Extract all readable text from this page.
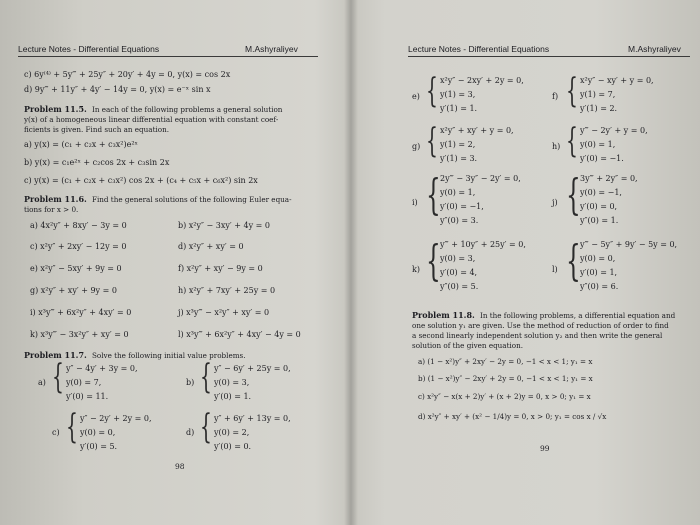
Lecture Notes - Differential Equations	M.Ashyraliyev
c) 6y⁽⁴⁾ + 5y‴ + 25y″ + 20y′ + 4y = 0, y(x) = cos 2x
d) 9y‴ + 11y″ + 4y′ − 14y = 0, y(x) = e⁻ˣ sin x
Problem 11.5. In each of the following problems a general solution
y(x) of a homogeneous linear differential equation with constant coef-
ficients is given. Find such an equation.
a) y(x) = (c₁ + c₂x + c₃x²)e²ˣ
b) y(x) = c₁e²ˣ + c₂cos 2x + c₃sin 2x
c) y(x) = (c₁ + c₂x + c₃x²) cos 2x + (c₄ + c₅x + c₆x²) sin 2x
Problem 11.6. Find the general solutions of the following Euler equa-
tions for x > 0.
a) 4x²y″ + 8xy′ − 3y = 0	b) x²y″ − 3xy′ + 4y = 0
c) x²y″ + 2xy′ − 12y = 0	d) x²y″ + xy′ = 0
e) x²y″ − 5xy′ + 9y = 0	f) x²y″ + xy′ − 9y = 0
g) x²y″ + xy′ + 9y = 0	h) x²y″ + 7xy′ + 25y = 0
i) x³y‴ + 6x²y″ + 4xy′ = 0	j) x³y‴ − x²y″ + xy′ = 0
k) x³y‴ − 3x²y″ + xy′ = 0	l) x³y‴ + 6x²y″ + 4xy′ − 4y = 0
Problem 11.7. Solve the following initial value problems.
a) { y″ − 4y′ + 3y = 0,
y(0) = 7,
y′(0) = 11.
b) { y″ − 6y′ + 25y = 0,
y(0) = 3,
y′(0) = 1.
c) { y″ − 2y′ + 2y = 0,
y(0) = 0,
y′(0) = 5.
d) { y″ + 6y′ + 13y = 0,
y(0) = 2,
y′(0) = 0.
98
Lecture Notes - Differential Equations	M.Ashyraliyev
e) { x²y″ − 2xy′ + 2y = 0,
y(1) = 3,
y′(1) = 1.
f) { x²y″ − xy′ + y = 0,
y(1) = 7,
y′(1) = 2.
g) { x²y″ + xy′ + y = 0,
y(1) = 2,
y′(1) = 3.
h) { y‴ − 2y′ + y = 0,
y(0) = 1,
y′(0) = −1.
i) { 2y‴ − 3y″ − 2y′ = 0,
y(0) = 1,
y′(0) = −1,
y″(0) = 3.
j) { 3y‴ + 2y″ = 0,
y(0) = −1,
y′(0) = 0,
y″(0) = 1.
k) { y‴ + 10y″ + 25y′ = 0,
y(0) = 3,
y′(0) = 4,
y″(0) = 5.
l) { y‴ − 5y″ + 9y′ − 5y = 0,
y(0) = 0,
y′(0) = 1,
y″(0) = 6.
Problem 11.8. In the following problems, a differential equation and
one solution y₁ are given. Use the method of reduction of order to find
a second linearly independent solution y₂ and then write the general
solution of the given equation.
a) (1 − x²)y″ + 2xy′ − 2y = 0, −1 < x < 1; y₁ = x
b) (1 − x²)y″ − 2xy′ + 2y = 0, −1 < x < 1; y₁ = x
c) x²y″ − x(x + 2)y′ + (x + 2)y = 0, x > 0; y₁ = x
d) x²y″ + xy′ + (x² − 1/4)y = 0, x > 0; y₁ = cos x / √x
99
